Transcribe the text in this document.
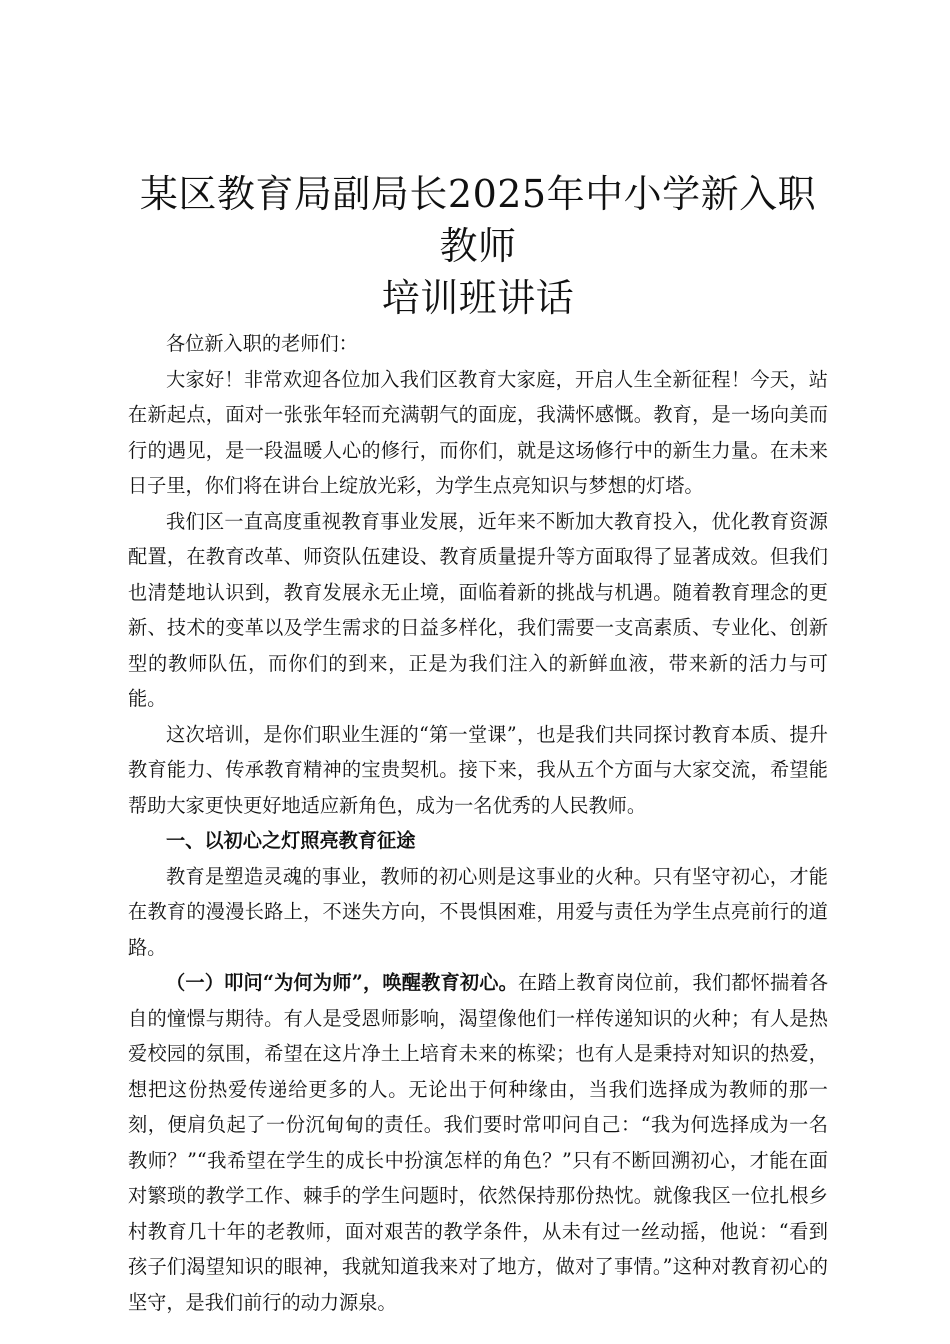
某区教育局副局长2025年中小学新入职教师
培训班讲话

各位新入职的老师们：

大家好！非常欢迎各位加入我们区教育大家庭，开启人生全新征程！今天，站在新起点，面对一张张年轻而充满朝气的面庞，我满怀感慨。教育，是一场向美而行的遇见，是一段温暖人心的修行，而你们，就是这场修行中的新生力量。在未来日子里，你们将在讲台上绽放光彩，为学生点亮知识与梦想的灯塔。

我们区一直高度重视教育事业发展，近年来不断加大教育投入，优化教育资源配置，在教育改革、师资队伍建设、教育质量提升等方面取得了显著成效。但我们也清楚地认识到，教育发展永无止境，面临着新的挑战与机遇。随着教育理念的更新、技术的变革以及学生需求的日益多样化，我们需要一支高素质、专业化、创新型的教师队伍，而你们的到来，正是为我们注入的新鲜血液，带来新的活力与可能。

这次培训，是你们职业生涯的“第一堂课”，也是我们共同探讨教育本质、提升教育能力、传承教育精神的宝贵契机。接下来，我从五个方面与大家交流，希望能帮助大家更快更好地适应新角色，成为一名优秀的人民教师。

一、以初心之灯照亮教育征途

教育是塑造灵魂的事业，教师的初心则是这事业的火种。只有坚守初心，才能在教育的漫漫长路上，不迷失方向，不畏惧困难，用爱与责任为学生点亮前行的道路。

（一）叩问“为何为师”，唤醒教育初心。在踏上教育岗位前，我们都怀揣着各自的憧憬与期待。有人是受恩师影响，渴望像他们一样传递知识的火种；有人是热爱校园的氛围，希望在这片净土上培育未来的栋梁；也有人是秉持对知识的热爱，想把这份热爱传递给更多的人。无论出于何种缘由，当我们选择成为教师的那一刻，便肩负起了一份沉甸甸的责任。我们要时常叩问自己：“我为何选择成为一名教师？”“我希望在学生的成长中扮演怎样的角色？”只有不断回溯初心，才能在面对繁琐的教学工作、棘手的学生问题时，依然保持那份热忱。就像我区一位扎根乡村教育几十年的老教师，面对艰苦的教学条件，从未有过一丝动摇，他说：“看到孩子们渴望知识的眼神，我就知道我来对了地方，做对了事情。”这种对教育初心的坚守，是我们前行的动力源泉。
